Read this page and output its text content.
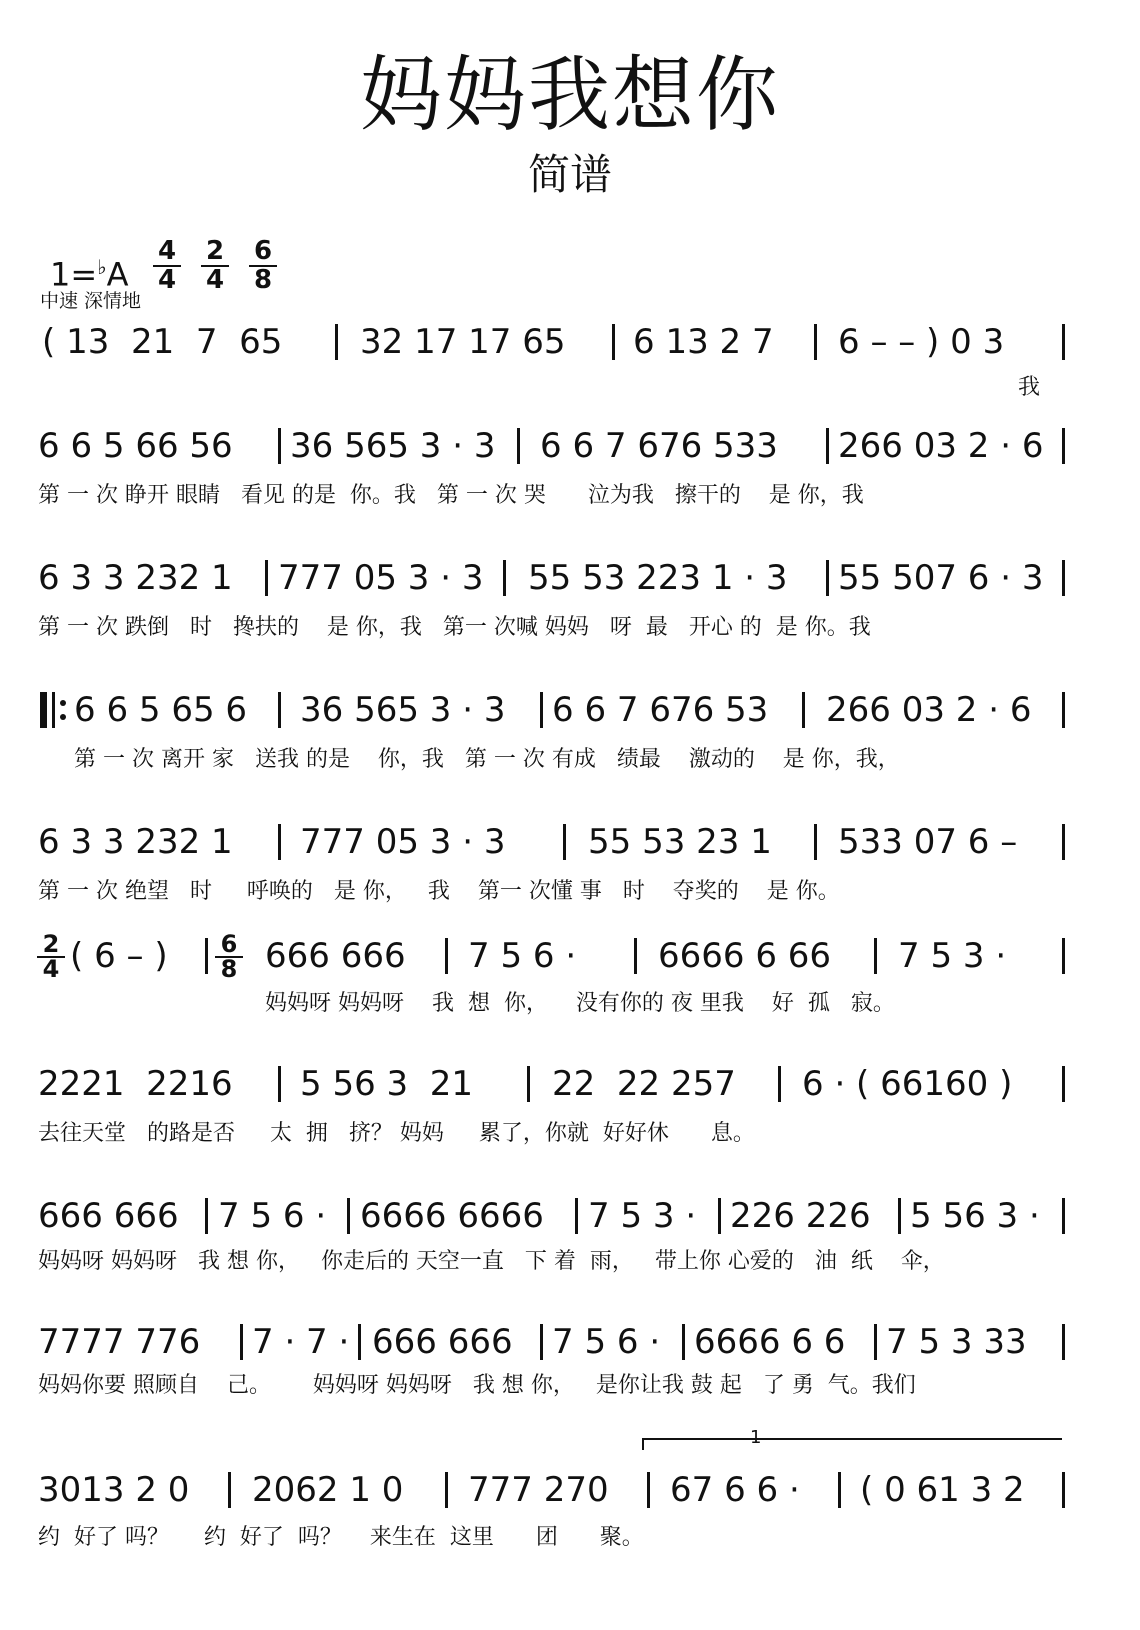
妈妈我想你
简谱
1=♭A
4
4
2
4
6
8
中速 深情地
( 13  21  7  65 32 17 17 65 6 13 2 7 6 – – ) 0 3
我
6 6 5 66 56 36 565 3 · 3 6 6 7 676 533 266 03 2 · 6
第 一 次 睁开 眼睛   看见 的是  你。我   第 一 次 哭      泣为我   擦干的    是 你，我
6 3 3 232 1 777 05 3 · 3 55 53 223 1 · 3 55 507 6 · 3
第 一 次 跌倒   时   搀扶的    是 你，我   第一 次喊 妈妈   呀  最   开心 的  是 你。我
6 6 5 65 6 36 565 3 · 3 6 6 7 676 53 266 03 2 · 6
第 一 次 离开 家   送我 的是    你，我   第 一 次 有成   绩最    激动的    是 你，我，
6 3 3 232 1 777 05 3 · 3 55 53 23 1 533 07 6 –
第 一 次 绝望   时     呼唤的   是 你，   我    第一 次懂 事   时    夺奖的    是 你。
2
4 ( 6 – )	6
8 666 666 7 5 6 · 6666 6 66 7 5 3 ·
妈妈呀 妈妈呀    我  想  你，    没有你的 夜 里我    好  孤   寂。
2221  2216 5 56 3  21 22  22 257 6 · ( 66160 )
去往天堂   的路是否     太  拥   挤？ 妈妈     累了，你就  好好休      息。
666 666 7 5 6 · 6666 6666 7 5 3 · 226 226 5 56 3 ·
妈妈呀 妈妈呀   我 想 你，   你走后的 天空一直   下 着  雨，   带上你 心爱的   油  纸    伞，
7777 776 7 · 7 · 666 666 7 5 6 · 6666 6 6 7 5 3 33
妈妈你要 照顾自    己。      妈妈呀 妈妈呀   我 想 你，   是你让我 鼓 起   了 勇  气。我们
1
3013 2 0 2062 1 0 777 270 67 6 6 · ( 0 61 3 2
约  好了 吗？     约  好了  吗？    来生在  这里      团      聚。
